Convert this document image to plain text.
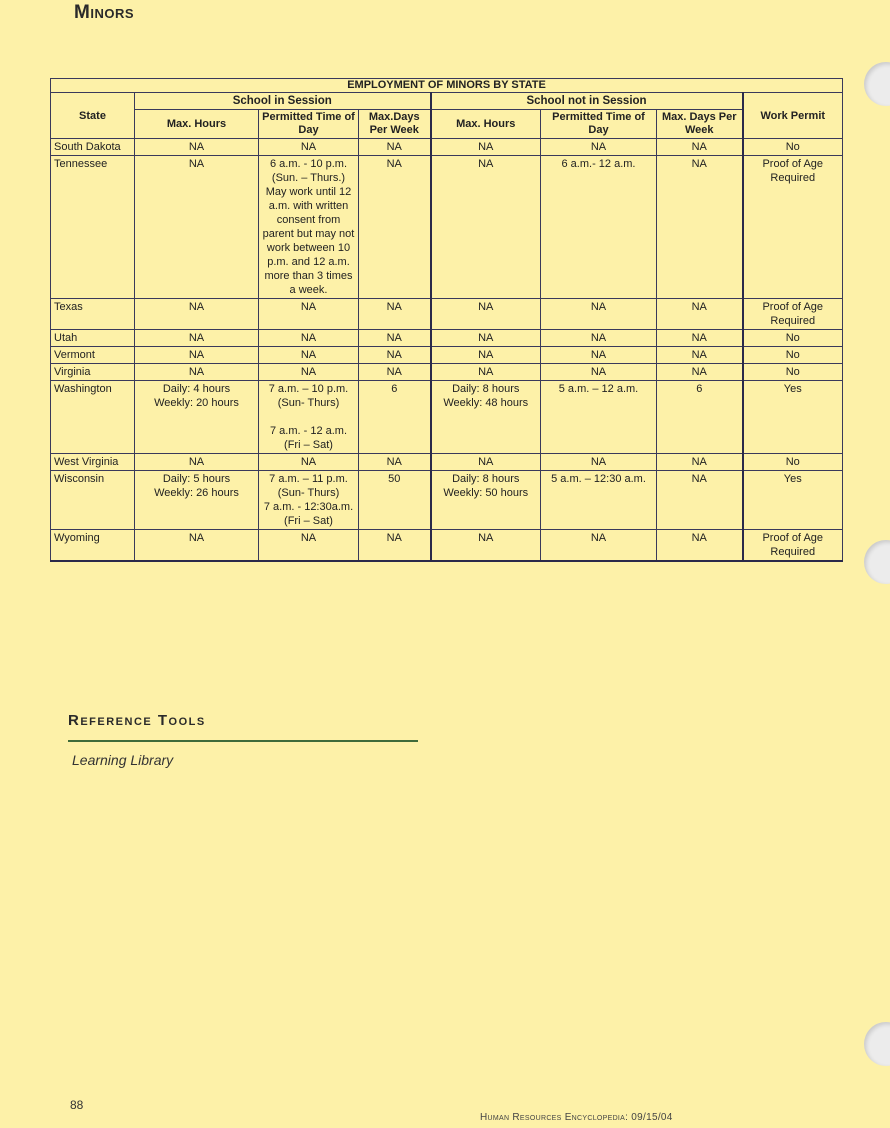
Minors
EMPLOYMENT OF MINORS BY STATE							
State	School in Session			School not in Session			Work Permit
	Max. Hours	Permitted Time of Day	Max.Days Per Week	Max. Hours	Permitted Time of Day	Max. Days Per Week	
South Dakota	NA	NA	NA	NA	NA	NA	No
Tennessee	NA	6 a.m. - 10 p.m. (Sun. – Thurs.) May work until 12 a.m. with written consent from parent but may not work between 10 p.m. and 12 a.m. more than 3 times a week.	NA	NA	6 a.m.- 12 a.m.	NA	Proof of Age Required
Texas	NA	NA	NA	NA	NA	NA	Proof of Age Required
Utah	NA	NA	NA	NA	NA	NA	No
Vermont	NA	NA	NA	NA	NA	NA	No
Virginia	NA	NA	NA	NA	NA	NA	No
Washington	Daily: 4 hours
Weekly: 20 hours	7 a.m. – 10 p.m. (Sun- Thurs)

7 a.m. - 12 a.m. (Fri – Sat)	6	Daily: 8 hours
Weekly: 48 hours	5 a.m. – 12 a.m.	6	Yes
West Virginia	NA	NA	NA	NA	NA	NA	No
Wisconsin	Daily: 5 hours
Weekly: 26 hours	7 a.m. – 11 p.m. (Sun- Thurs)
7 a.m. - 12:30a.m. (Fri – Sat)	50	Daily: 8 hours
Weekly: 50 hours	5 a.m. – 12:30 a.m.	NA	Yes
Wyoming	NA	NA	NA	NA	NA	NA	Proof of Age Required
Reference Tools
Learning Library
88
Human Resources Encyclopedia: 09/15/04
